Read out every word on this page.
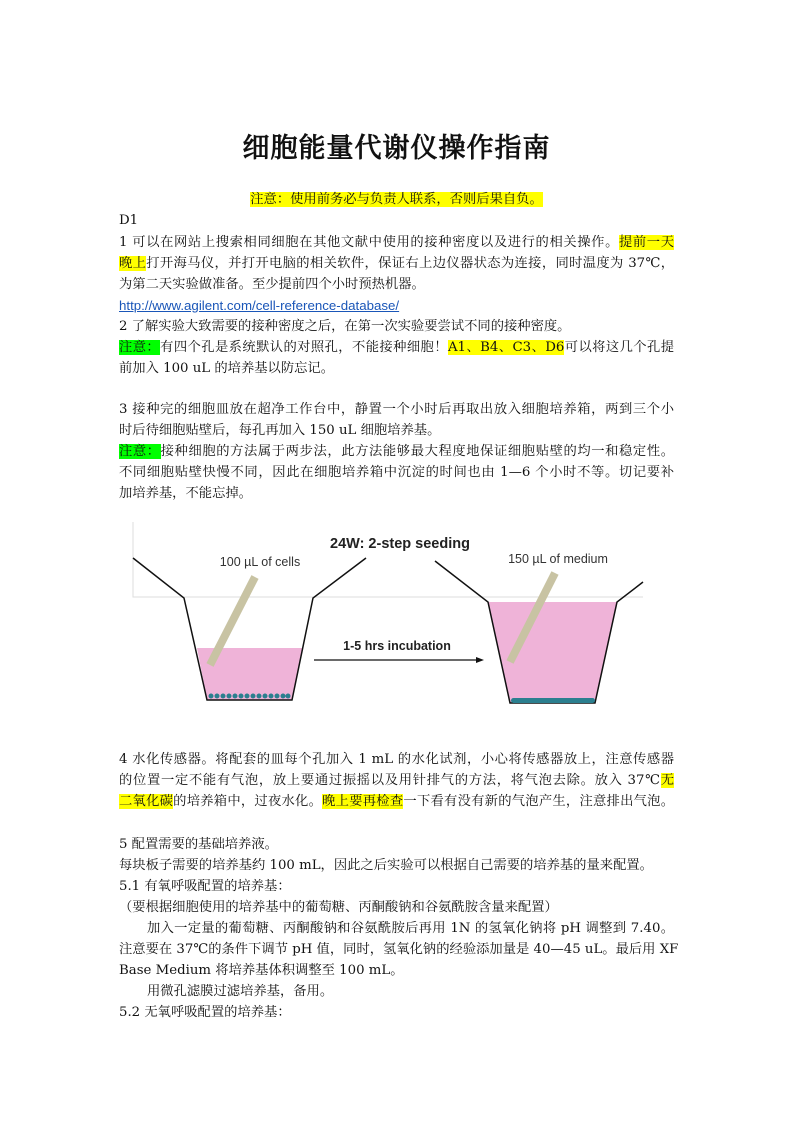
细胞能量代谢仪操作指南
注意：使用前务必与负责人联系，否则后果自负。
D1
1 可以在网站上搜索相同细胞在其他文献中使用的接种密度以及进行的相关操作。提前一天
晚上打开海马仪，并打开电脑的相关软件，保证右上边仪器状态为连接，同时温度为 37℃，
为第二天实验做准备。至少提前四个小时预热机器。
http://www.agilent.com/cell-reference-database/
2 了解实验大致需要的接种密度之后，在第一次实验要尝试不同的接种密度。
注意：有四个孔是系统默认的对照孔，不能接种细胞！A1、B4、C3、D6可以将这几个孔提
前加入 100 uL 的培养基以防忘记。
3 接种完的细胞皿放在超净工作台中，静置一个小时后再取出放入细胞培养箱，两到三个小
时后待细胞贴壁后，每孔再加入 150 uL 细胞培养基。
注意：接种细胞的方法属于两步法，此方法能够最大程度地保证细胞贴壁的均一和稳定性。
不同细胞贴壁快慢不同，因此在细胞培养箱中沉淀的时间也由 1—6 个小时不等。切记要补
加培养基，不能忘掉。
24W: 2-step seeding
100 µL of cells	150 µL of medium
1-5 hrs incubation
4 水化传感器。将配套的皿每个孔加入 1 mL 的水化试剂，小心将传感器放上，注意传感器
的位置一定不能有气泡，放上要通过振摇以及用针排气的方法，将气泡去除。放入 37℃无
二氧化碳的培养箱中，过夜水化。晚上要再检查一下看有没有新的气泡产生，注意排出气泡。
5 配置需要的基础培养液。
每块板子需要的培养基约 100 mL，因此之后实验可以根据自己需要的培养基的量来配置。
5.1 有氧呼吸配置的培养基：
（要根据细胞使用的培养基中的葡萄糖、丙酮酸钠和谷氨酰胺含量来配置）
加入一定量的葡萄糖、丙酮酸钠和谷氨酰胺后再用 1N 的氢氧化钠将 pH 调整到 7.40。
注意要在 37℃的条件下调节 pH 值，同时，氢氧化钠的经验添加量是 40—45 uL。最后用 XF
Base Medium 将培养基体积调整至 100 mL。
用微孔滤膜过滤培养基，备用。
5.2 无氧呼吸配置的培养基：
